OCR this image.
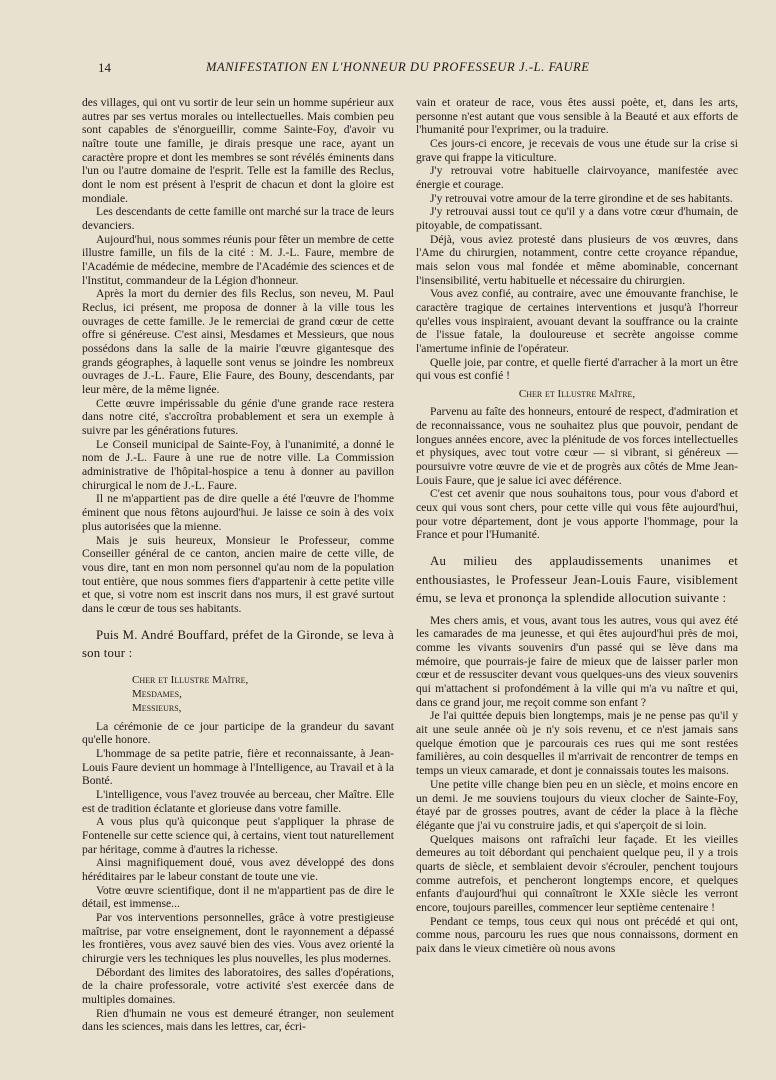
14	MANIFESTATION EN L'HONNEUR DU PROFESSEUR J.-L. FAURE

des villages, qui ont vu sortir de leur sein un homme supérieur aux autres par ses vertus morales ou intellectuelles. Mais combien peu sont capables de s'énorgueillir, comme Sainte-Foy, d'avoir vu naître toute une famille, je dirais presque une race, ayant un caractère propre et dont les membres se sont révélés éminents dans l'un ou l'autre domaine de l'esprit. Telle est la famille des Reclus, dont le nom est présent à l'esprit de chacun et dont la gloire est mondiale.

Les descendants de cette famille ont marché sur la trace de leurs devanciers.

Aujourd'hui, nous sommes réunis pour fêter un membre de cette illustre famille, un fils de la cité : M. J.-L. Faure, membre de l'Académie de médecine, membre de l'Académie des sciences et de l'Institut, commandeur de la Légion d'honneur.

Après la mort du dernier des fils Reclus, son neveu, M. Paul Reclus, ici présent, me proposa de donner à la ville tous les ouvrages de cette famille. Je le remerciai de grand cœur de cette offre si généreuse. C'est ainsi, Mesdames et Messieurs, que nous possédons dans la salle de la mairie l'œuvre gigantesque des grands géographes, à laquelle sont venus se joindre les nombreux ouvrages de J.-L. Faure, Elie Faure, des Bouny, descendants, par leur mère, de la même lignée.

Cette œuvre impérissable du génie d'une grande race restera dans notre cité, s'accroîtra probablement et sera un exemple à suivre par les générations futures.

Le Conseil municipal de Sainte-Foy, à l'unanimité, a donné le nom de J.-L. Faure à une rue de notre ville. La Commission administrative de l'hôpital-hospice a tenu à donner au pavillon chirurgical le nom de J.-L. Faure.

Il ne m'appartient pas de dire quelle a été l'œuvre de l'homme éminent que nous fêtons aujourd'hui. Je laisse ce soin à des voix plus autorisées que la mienne.

Mais je suis heureux, Monsieur le Professeur, comme Conseiller général de ce canton, ancien maire de cette ville, de vous dire, tant en mon nom personnel qu'au nom de la population tout entière, que nous sommes fiers d'appartenir à cette petite ville et que, si votre nom est inscrit dans nos murs, il est gravé surtout dans le cœur de tous ses habitants.

Puis M. André Bouffard, préfet de la Gironde, se leva à son tour :

Cher et Illustre Maître,
Mesdames,
Messieurs,

La cérémonie de ce jour participe de la grandeur du savant qu'elle honore.

L'hommage de sa petite patrie, fière et reconnaissante, à Jean-Louis Faure devient un hommage à l'Intelligence, au Travail et à la Bonté.

L'intelligence, vous l'avez trouvée au berceau, cher Maître. Elle est de tradition éclatante et glorieuse dans votre famille.

A vous plus qu'à quiconque peut s'appliquer la phrase de Fontenelle sur cette science qui, à certains, vient tout naturellement par héritage, comme à d'autres la richesse.

Ainsi magnifiquement doué, vous avez développé des dons héréditaires par le labeur constant de toute une vie.

Votre œuvre scientifique, dont il ne m'appartient pas de dire le détail, est immense...

Par vos interventions personnelles, grâce à votre prestigieuse maîtrise, par votre enseignement, dont le rayonnement a dépassé les frontières, vous avez sauvé bien des vies. Vous avez orienté la chirurgie vers les techniques les plus nouvelles, les plus modernes.

Débordant des limites des laboratoires, des salles d'opérations, de la chaire professorale, votre activité s'est exercée dans de multiples domaines.

Rien d'humain ne vous est demeuré étranger, non seulement dans les sciences, mais dans les lettres, car, écri-

vain et orateur de race, vous êtes aussi poète, et, dans les arts, personne n'est autant que vous sensible à la Beauté et aux efforts de l'humanité pour l'exprimer, ou la traduire.

Ces jours-ci encore, je recevais de vous une étude sur la crise si grave qui frappe la viticulture.

J'y retrouvai votre habituelle clairvoyance, manifestée avec énergie et courage.

J'y retrouvai votre amour de la terre girondine et de ses habitants.

J'y retrouvai aussi tout ce qu'il y a dans votre cœur d'humain, de pitoyable, de compatissant.

Déjà, vous aviez protesté dans plusieurs de vos œuvres, dans l'Ame du chirurgien, notamment, contre cette croyance répandue, mais selon vous mal fondée et même abominable, concernant l'insensibilité, vertu habituelle et nécessaire du chirurgien.

Vous avez confié, au contraire, avec une émouvante franchise, le caractère tragique de certaines interventions et jusqu'à l'horreur qu'elles vous inspiraient, avouant devant la souffrance ou la crainte de l'issue fatale, la douloureuse et secrète angoisse comme l'amertume infinie de l'opérateur.

Quelle joie, par contre, et quelle fierté d'arracher à la mort un être qui vous est confié !

Cher et Illustre Maître,

Parvenu au faîte des honneurs, entouré de respect, d'admiration et de reconnaissance, vous ne souhaitez plus que pouvoir, pendant de longues années encore, avec la plénitude de vos forces intellectuelles et physiques, avec tout votre cœur — si vibrant, si généreux — poursuivre votre œuvre de vie et de progrès aux côtés de Mme Jean-Louis Faure, que je salue ici avec déférence.

C'est cet avenir que nous souhaitons tous, pour vous d'abord et ceux qui vous sont chers, pour cette ville qui vous fête aujourd'hui, pour votre département, dont je vous apporte l'hommage, pour la France et pour l'Humanité.

Au milieu des applaudissements unanimes et enthousiastes, le Professeur Jean-Louis Faure, visiblement ému, se leva et prononça la splendide allocution suivante :

Mes chers amis, et vous, avant tous les autres, vous qui avez été les camarades de ma jeunesse, et qui êtes aujourd'hui près de moi, comme les vivants souvenirs d'un passé qui se lève dans ma mémoire, que pourrais-je faire de mieux que de laisser parler mon cœur et de ressusciter devant vous quelques-uns des vieux souvenirs qui m'attachent si profondément à la ville qui m'a vu naître et qui, dans ce grand jour, me reçoit comme son enfant ?

Je l'ai quittée depuis bien longtemps, mais je ne pense pas qu'il y ait une seule année où je n'y sois revenu, et ce n'est jamais sans quelque émotion que je parcourais ces rues qui me sont restées familières, au coin desquelles il m'arrivait de rencontrer de temps en temps un vieux camarade, et dont je connaissais toutes les maisons.

Une petite ville change bien peu en un siècle, et moins encore en un demi. Je me souviens toujours du vieux clocher de Sainte-Foy, étayé par de grosses poutres, avant de céder la place à la flèche élégante que j'ai vu construire jadis, et qui s'aperçoit de si loin.

Quelques maisons ont rafraîchi leur façade. Et les vieilles demeures au toit débordant qui penchaient quelque peu, il y a trois quarts de siècle, et semblaient devoir s'écrouler, penchent toujours comme autrefois, et pencheront longtemps encore, et quelques enfants d'aujourd'hui qui connaîtront le XXIe siècle les verront encore, toujours pareilles, commencer leur septième centenaire !

Pendant ce temps, tous ceux qui nous ont précédé et qui ont, comme nous, parcouru les rues que nous connaissons, dorment en paix dans le vieux cimetière où nous avons
